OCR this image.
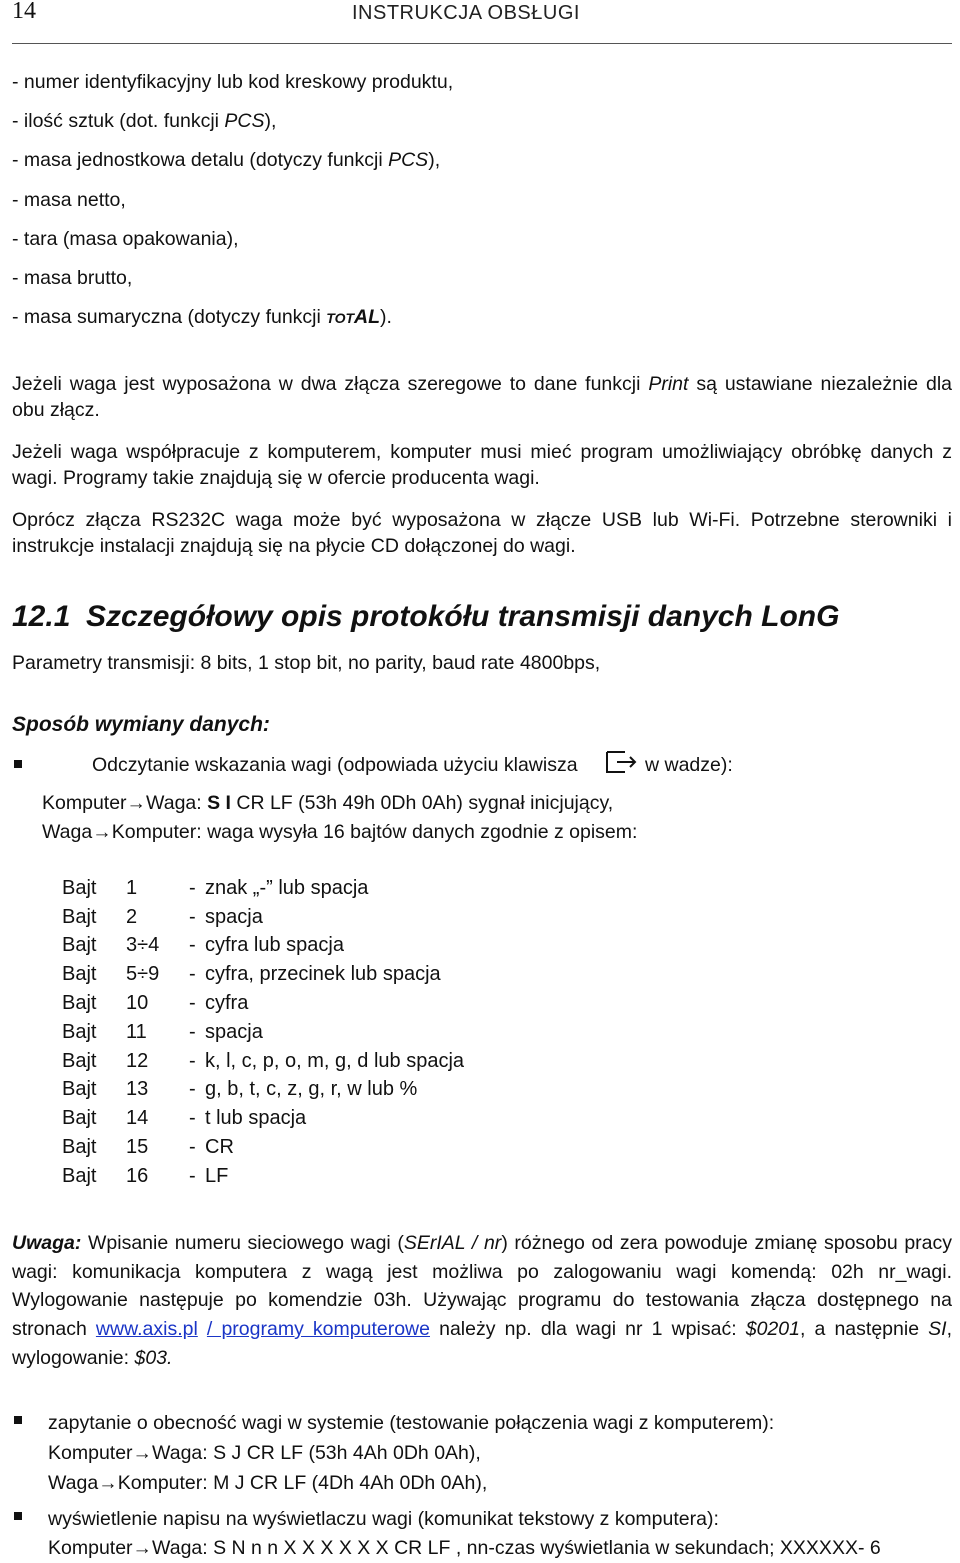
14	INSTRUKCJA OBSŁUGI
- numer identyfikacyjny lub kod kreskowy produktu,
- ilość sztuk (dot. funkcji PCS),
- masa jednostkowa detalu (dotyczy funkcji PCS),
- masa netto,
- tara (masa opakowania),
- masa brutto,
- masa sumaryczna (dotyczy funkcji totAL).
Jeżeli waga jest wyposażona w dwa złącza szeregowe to dane funkcji Print są ustawiane niezależnie dla obu złącz.
Jeżeli waga współpracuje z komputerem, komputer musi mieć program umożliwiający obróbkę danych z wagi. Programy takie znajdują się w ofercie producenta wagi.
Oprócz złącza RS232C waga może być wyposażona w złącze USB lub Wi-Fi. Potrzebne sterowniki i instrukcje instalacji znajdują się na płycie CD dołączonej do wagi.
12.1 Szczegółowy opis protokółu transmisji danych LonG
Parametry transmisji: 8 bits, 1 stop bit, no parity, baud rate 4800bps,
Sposób wymiany danych:
Odczytanie wskazania wagi (odpowiada użyciu klawisza	w wadze):
Komputer→Waga: S I CR LF (53h 49h 0Dh 0Ah) sygnał inicjujący,
Waga→Komputer: waga wysyła 16 bajtów danych zgodnie z opisem:
Bajt	1	-	znak „-” lub spacja
Bajt	2	-	spacja
Bajt	3÷4	-	cyfra lub spacja
Bajt	5÷9	-	cyfra, przecinek lub spacja
Bajt	10	-	cyfra
Bajt	11	-	spacja
Bajt	12	-	k, l, c, p, o, m, g, d lub spacja
Bajt	13	-	g, b, t, c, z, g, r, w lub %
Bajt	14	-	t lub spacja
Bajt	15	-	CR
Bajt	16	-	LF
Uwaga: Wpisanie numeru sieciowego wagi (SErIAL / nr) różnego od zera powoduje zmianę sposobu pracy wagi: komunikacja komputera z wagą jest możliwa po zalogowaniu wagi komendą: 02h nr_wagi. Wylogowanie następuje po komendzie 03h. Używając programu do testowania złącza dostępnego na stronach www.axis.pl / programy komputerowe należy np. dla wagi nr 1 wpisać: $0201, a następnie SI, wylogowanie: $03.
zapytanie o obecność wagi w systemie (testowanie połączenia wagi z komputerem):
Komputer→Waga: S J CR LF (53h 4Ah 0Dh 0Ah),
Waga→Komputer: M J CR LF (4Dh 4Ah 0Dh 0Ah),
wyświetlenie napisu na wyświetlaczu wagi (komunikat tekstowy z komputera):
Komputer→Waga: S N n n X X X X X X CR LF , nn-czas wyświetlania w sekundach; XXXXXX- 6
